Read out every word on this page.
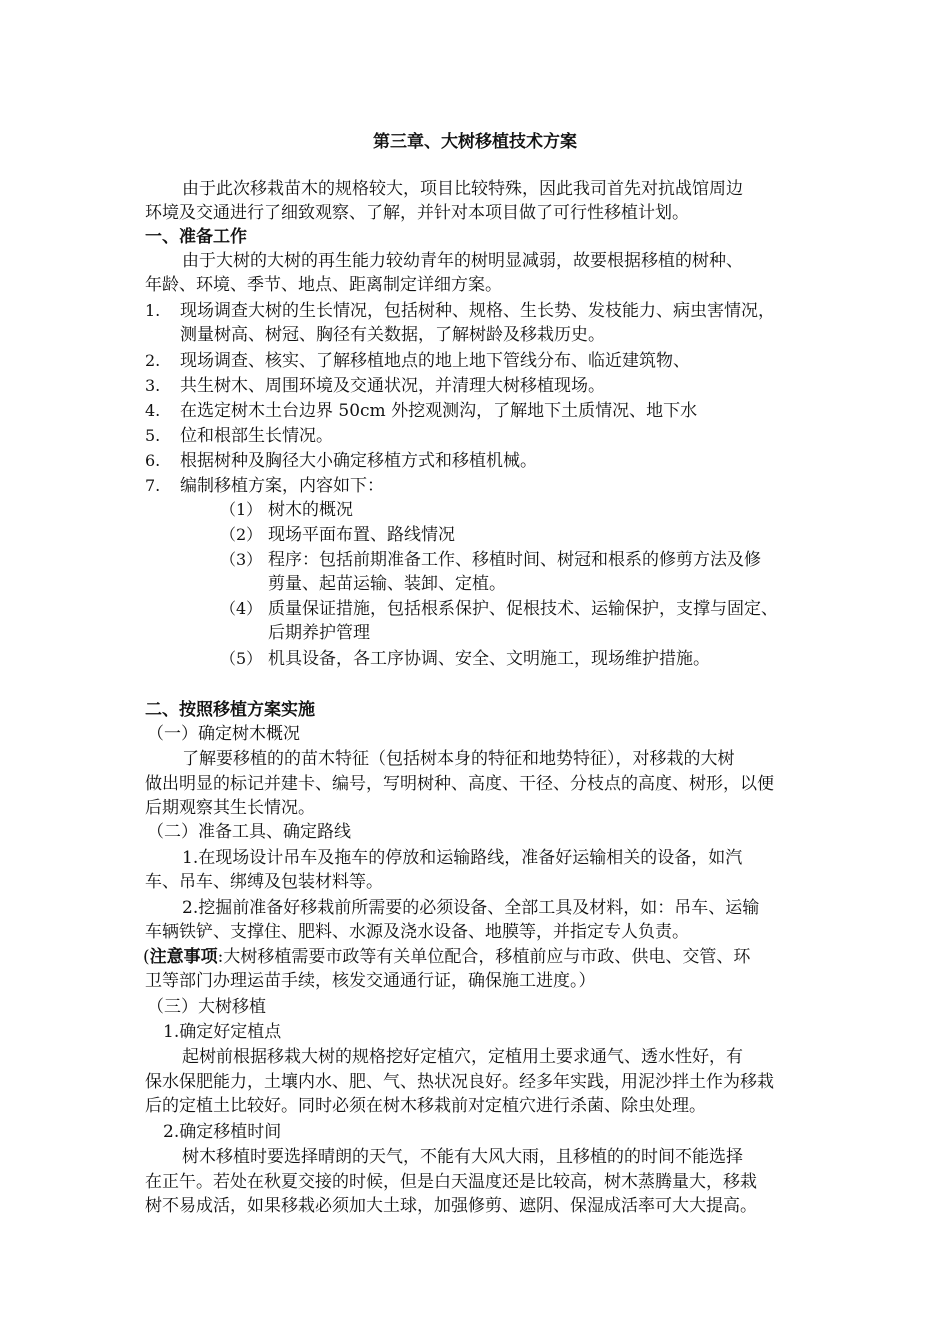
第三章、大树移植技术方案
由于此次移栽苗木的规格较大，项目比较特殊，因此我司首先对抗战馆周边
环境及交通进行了细致观察、了解，并针对本项目做了可行性移植计划。
一、准备工作
由于大树的大树的再生能力较幼青年的树明显减弱，故要根据移植的树种、
年龄、环境、季节、地点、距离制定详细方案。
1. 现场调查大树的生长情况，包括树种、规格、生长势、发枝能力、病虫害情况，
测量树高、树冠、胸径有关数据，了解树龄及移栽历史。
2. 现场调查、核实、了解移植地点的地上地下管线分布、临近建筑物、
3. 共生树木、周围环境及交通状况，并清理大树移植现场。
4. 在选定树木土台边界 50cm 外挖观测沟，了解地下土质情况、地下水
5. 位和根部生长情况。
6. 根据树种及胸径大小确定移植方式和移植机械。
7. 编制移植方案，内容如下：
（1） 树木的概况
（2） 现场平面布置、路线情况
（3） 程序：包括前期准备工作、移植时间、树冠和根系的修剪方法及修
剪量、起苗运输、装卸、定植。
（4） 质量保证措施，包括根系保护、促根技术、运输保护，支撑与固定、
后期养护管理
（5） 机具设备，各工序协调、安全、文明施工，现场维护措施。
二、按照移植方案实施
（一）确定树木概况
了解要移植的的苗木特征（包括树本身的特征和地势特征），对移栽的大树
做出明显的标记并建卡、编号，写明树种、高度、干径、分枝点的高度、树形，以便
后期观察其生长情况。
（二）准备工具、确定路线
1.在现场设计吊车及拖车的停放和运输路线，准备好运输相关的设备，如汽
车、吊车、绑缚及包装材料等。
2.挖掘前准备好移栽前所需要的必须设备、全部工具及材料，如：吊车、运输
车辆铁铲、支撑住、肥料、水源及浇水设备、地膜等，并指定专人负责。
(注意事项:大树移植需要市政等有关单位配合，移植前应与市政、供电、交管、环
卫等部门办理运苗手续，核发交通通行证，确保施工进度。）
（三）大树移植
1.确定好定植点
起树前根据移栽大树的规格挖好定植穴，定植用土要求通气、透水性好，有
保水保肥能力，土壤内水、肥、气、热状况良好。经多年实践，用泥沙拌土作为移栽
后的定植土比较好。同时必须在树木移栽前对定植穴进行杀菌、除虫处理。
2.确定移植时间
树木移植时要选择晴朗的天气，不能有大风大雨，且移植的的时间不能选择
在正午。若处在秋夏交接的时候，但是白天温度还是比较高，树木蒸腾量大，移栽
树不易成活，如果移栽必须加大土球，加强修剪、遮阴、保湿成活率可大大提高。
